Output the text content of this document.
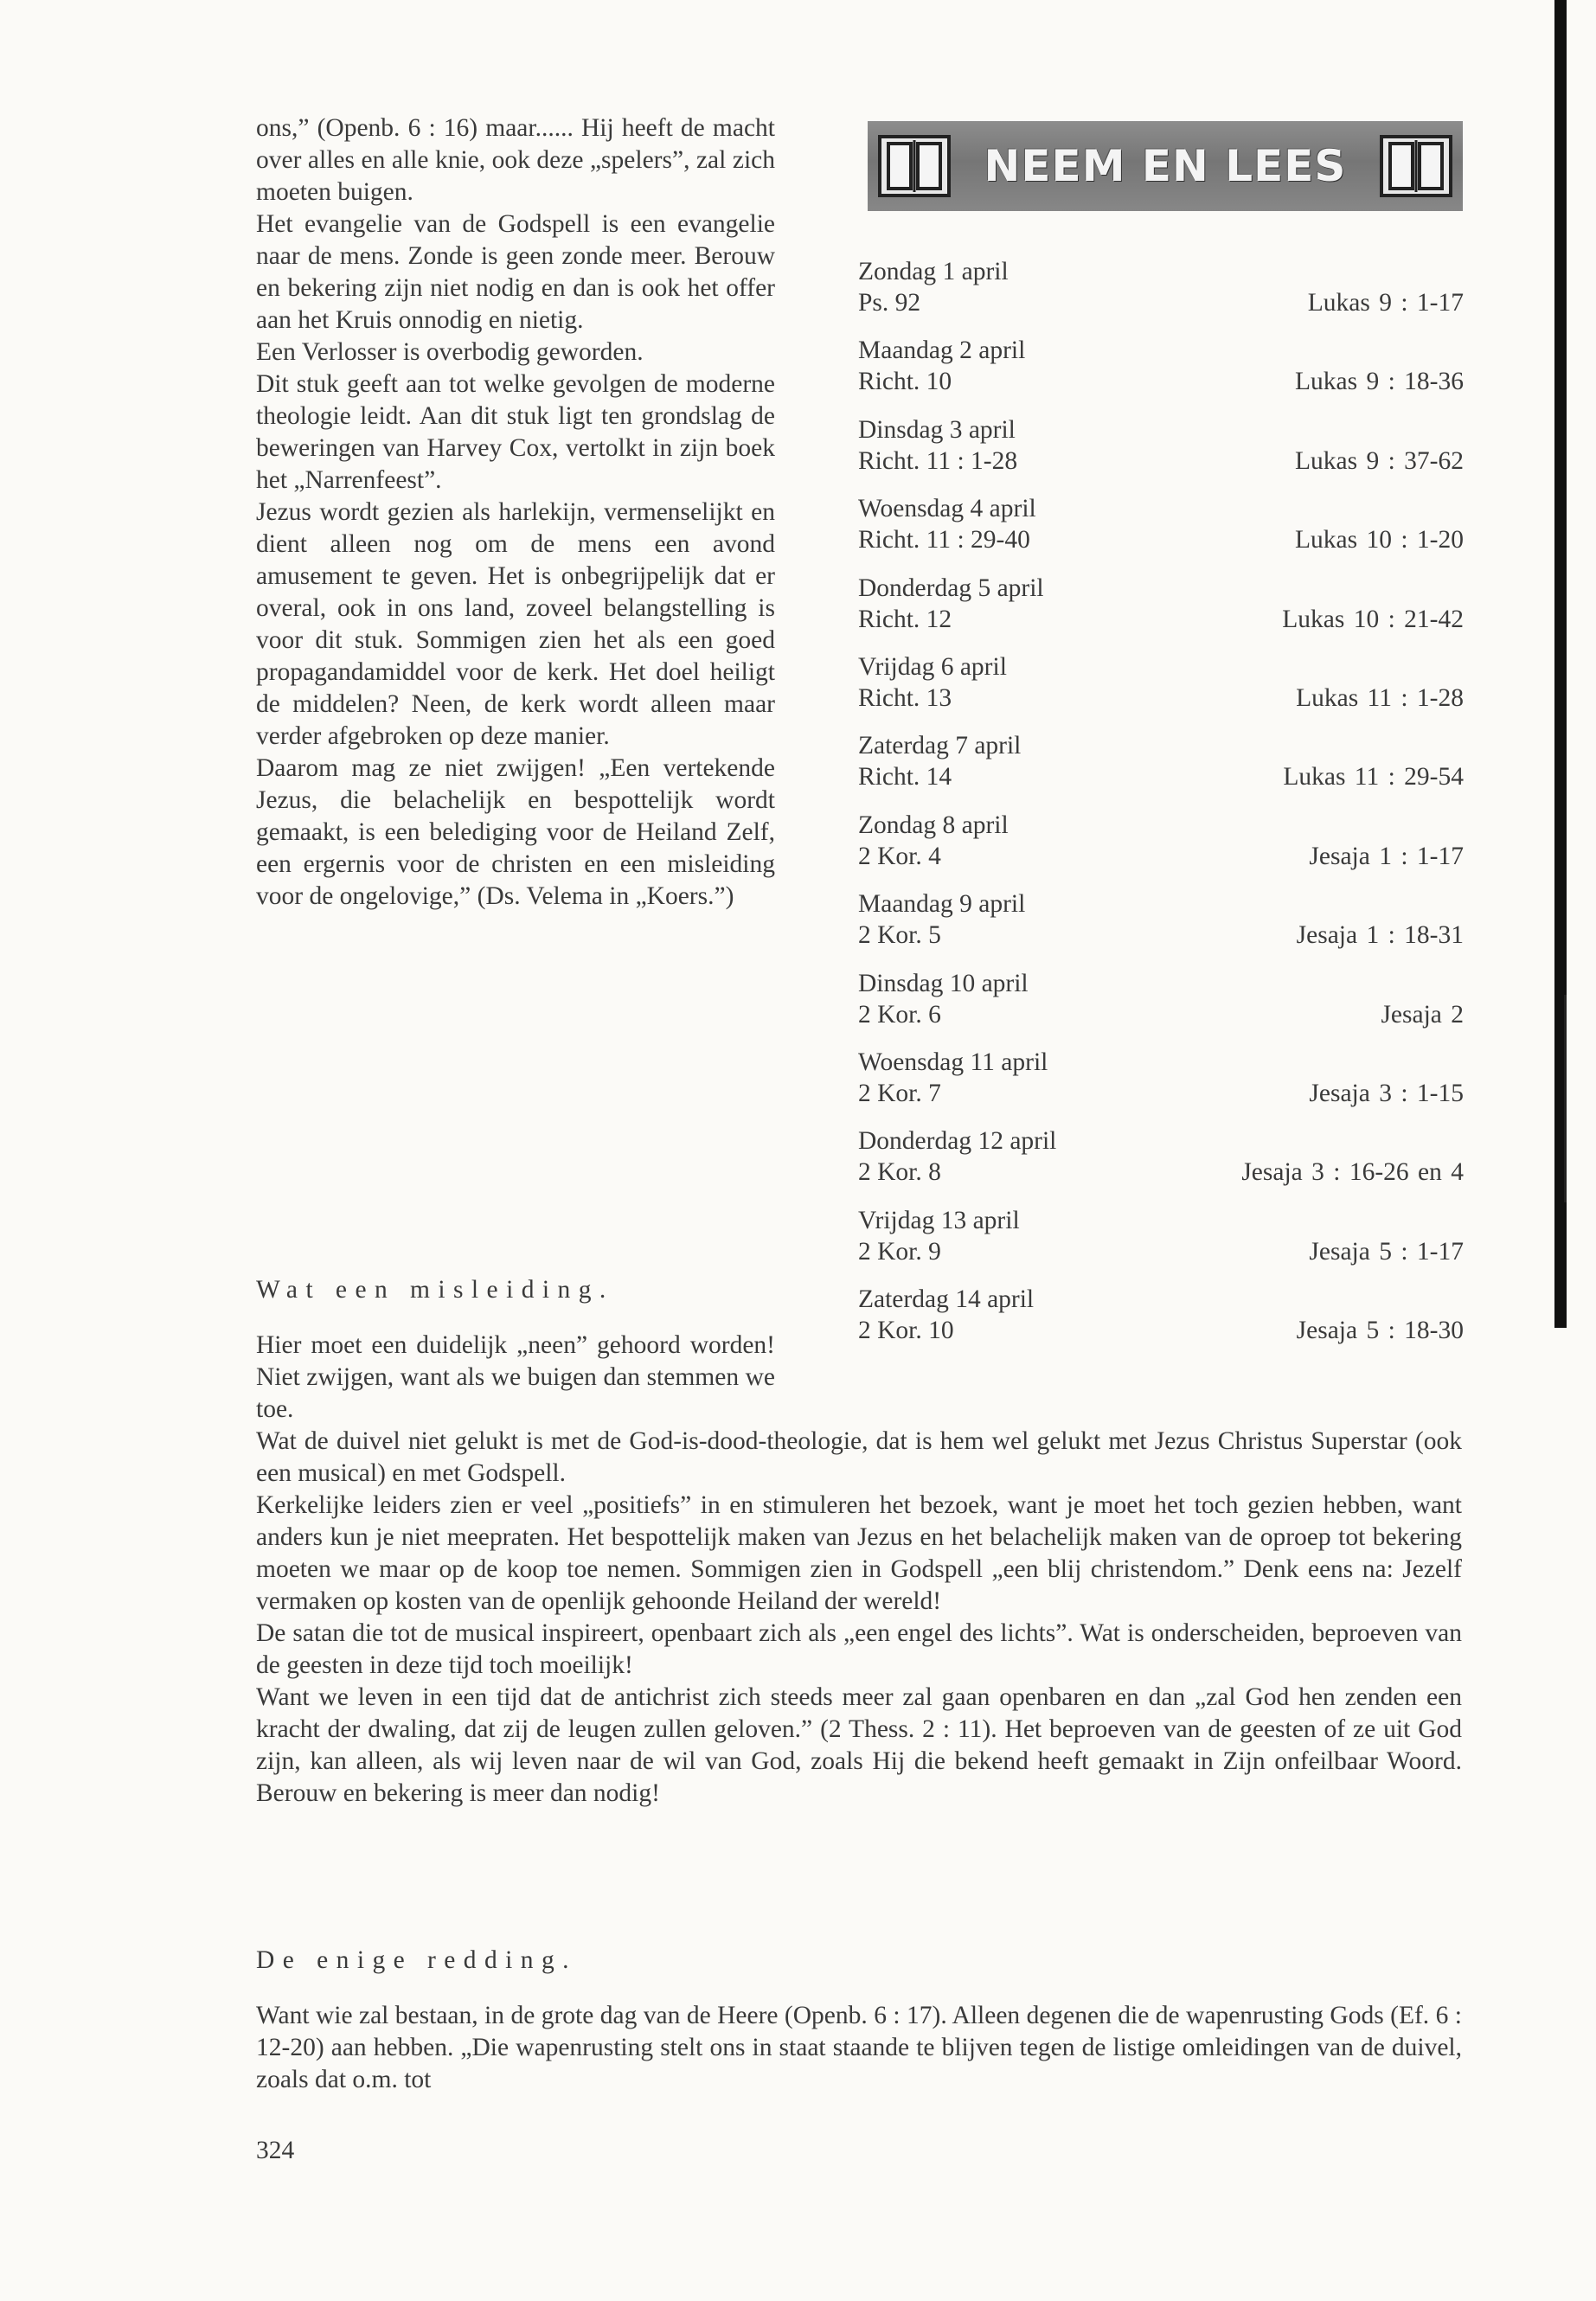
ons,” (Openb. 6 : 16) maar...... Hij heeft de macht over alles en alle knie, ook deze „spelers”, zal zich moeten buigen.

Het evangelie van de Godspell is een evangelie naar de mens. Zonde is geen zonde meer. Berouw en bekering zijn niet nodig en dan is ook het offer aan het Kruis onnodig en nietig.

Een Verlosser is overbodig geworden.

Dit stuk geeft aan tot welke gevolgen de moderne theologie leidt. Aan dit stuk ligt ten grondslag de beweringen van Harvey Cox, vertolkt in zijn boek het „Narrenfeest”.

Jezus wordt gezien als harlekijn, vermenselijkt en dient alleen nog om de mens een avond amusement te geven. Het is onbegrijpelijk dat er overal, ook in ons land, zoveel belangstelling is voor dit stuk. Sommigen zien het als een goed propagandamiddel voor de kerk. Het doel heiligt de middelen? Neen, de kerk wordt alleen maar verder afgebroken op deze manier.

Daarom mag ze niet zwijgen! „Een vertekende Jezus, die belachelijk en bespottelijk wordt gemaakt, is een belediging voor de Heiland Zelf, een ergernis voor de christen en een misleiding voor de ongelovige,” (Ds. Velema in „Koers.”)

Wat een misleiding.
Hier moet een duidelijk „neen” gehoord worden! Niet zwijgen, want als we buigen dan stemmen we toe.

Wat de duivel niet gelukt is met de God-is-dood-theologie, dat is hem wel gelukt met Jezus Christus Superstar (ook een musical) en met Godspell.

Kerkelijke leiders zien er veel „positiefs” in en stimuleren het bezoek, want je moet het toch gezien hebben, want anders kun je niet meepraten. Het bespottelijk maken van Jezus en het belachelijk maken van de oproep tot bekering moeten we maar op de koop toe nemen. Sommigen zien in Godspell „een blij christendom.” Denk eens na: Jezelf vermaken op kosten van de openlijk gehoonde Heiland der wereld!

De satan die tot de musical inspireert, openbaart zich als „een engel des lichts”. Wat is onderscheiden, beproeven van de geesten in deze tijd toch moeilijk!

Want we leven in een tijd dat de antichrist zich steeds meer zal gaan openbaren en dan „zal God hen zenden een kracht der dwaling, dat zij de leugen zullen geloven.” (2 Thess. 2 : 11). Het beproeven van de geesten of ze uit God zijn, kan alleen, als wij leven naar de wil van God, zoals Hij die bekend heeft gemaakt in Zijn onfeilbaar Woord. Berouw en bekering is meer dan nodig!

De enige redding.
Want wie zal bestaan, in de grote dag van de Heere (Openb. 6 : 17). Alleen degenen die de wapenrusting Gods (Ef. 6 : 12-20) aan hebben. „Die wapenrusting stelt ons in staat staande te blijven tegen de listige omleidingen van de duivel, zoals dat o.m. tot
324
NEEM EN LEES
Zondag 1 april
Ps. 92	Lukas 9 : 1-17
Maandag 2 april
Richt. 10	Lukas 9 : 18-36
Dinsdag 3 april
Richt. 11 : 1-28	Lukas 9 : 37-62
Woensdag 4 april
Richt. 11 : 29-40	Lukas 10 : 1-20
Donderdag 5 april
Richt. 12	Lukas 10 : 21-42
Vrijdag 6 april
Richt. 13	Lukas 11 : 1-28
Zaterdag 7 april
Richt. 14	Lukas 11 : 29-54
Zondag 8 april
2 Kor. 4	Jesaja 1 : 1-17
Maandag 9 april
2 Kor. 5	Jesaja 1 : 18-31
Dinsdag 10 april
2 Kor. 6	Jesaja 2
Woensdag 11 april
2 Kor. 7	Jesaja 3 : 1-15
Donderdag 12 april
2 Kor. 8	Jesaja 3 : 16-26 en 4
Vrijdag 13 april
2 Kor. 9	Jesaja 5 : 1-17
Zaterdag 14 april
2 Kor. 10	Jesaja 5 : 18-30
